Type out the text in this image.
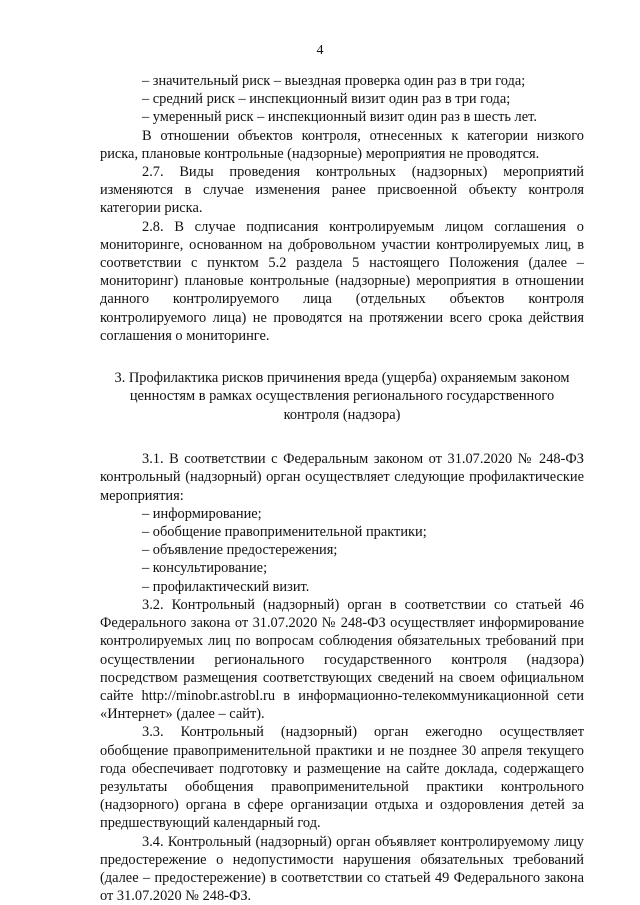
4

– значительный риск – выездная проверка один раз в три года;

– средний риск – инспекционный визит один раз в три года;

– умеренный риск – инспекционный визит один раз в шесть лет.

В отношении объектов контроля, отнесенных к категории низкого риска, плановые контрольные (надзорные) мероприятия не проводятся.

2.7. Виды проведения контрольных (надзорных) мероприятий изменяются в случае изменения ранее присвоенной объекту контроля категории риска.

2.8. В случае подписания контролируемым лицом соглашения о мониторинге, основанном на добровольном участии контролируемых лиц, в соответствии с пунктом 5.2 раздела 5 настоящего Положения (далее – мониторинг) плановые контрольные (надзорные) мероприятия в отношении данного контролируемого лица (отдельных объектов контроля контролируемого лица) не проводятся на протяжении всего срока действия соглашения о мониторинге.

3. Профилактика рисков причинения вреда (ущерба) охраняемым законом ценностям в рамках осуществления регионального государственного контроля (надзора)

3.1. В соответствии с Федеральным законом от 31.07.2020 № 248-ФЗ контрольный (надзорный) орган осуществляет следующие профилактические мероприятия:

– информирование;

– обобщение правоприменительной практики;

– объявление предостережения;

– консультирование;

– профилактический визит.

3.2. Контрольный (надзорный) орган в соответствии со статьей 46 Федерального закона от 31.07.2020 № 248-ФЗ осуществляет информирование контролируемых лиц по вопросам соблюдения обязательных требований при осуществлении регионального государственного контроля (надзора) посредством размещения соответствующих сведений на своем официальном сайте http://minobr.astrobl.ru в информационно-телекоммуникационной сети «Интернет» (далее – сайт).

3.3. Контрольный (надзорный) орган ежегодно осуществляет обобщение правоприменительной практики и не позднее 30 апреля текущего года обеспечивает подготовку и размещение на сайте доклада, содержащего результаты обобщения правоприменительной практики контрольного (надзорного) органа в сфере организации отдыха и оздоровления детей за предшествующий календарный год.

3.4. Контрольный (надзорный) орган объявляет контролируемому лицу предостережение о недопустимости нарушения обязательных требований (далее – предостережение) в соответствии со статьей 49 Федерального закона от 31.07.2020 № 248-ФЗ.
